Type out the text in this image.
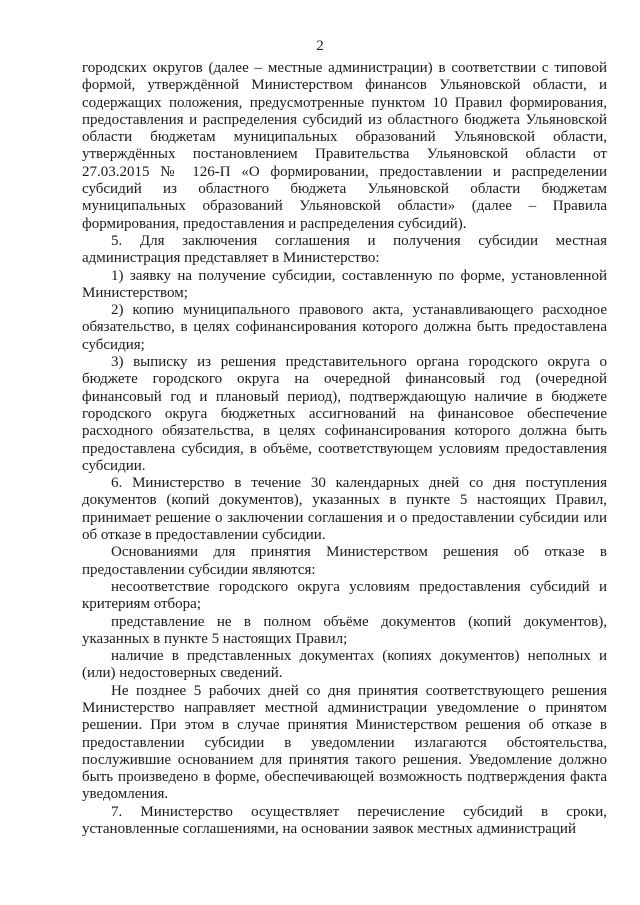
2

городских округов (далее – местные администрации) в соответствии с типовой формой, утверждённой Министерством финансов Ульяновской области, и содержащих положения, предусмотренные пунктом 10 Правил формирования, предоставления и распределения субсидий из областного бюджета Ульяновской области бюджетам муниципальных образований Ульяновской области, утверждённых постановлением Правительства Ульяновской области от 27.03.2015 № 126-П «О формировании, предоставлении и распределении субсидий из областного бюджета Ульяновской области бюджетам муниципальных образований Ульяновской области» (далее – Правила формирования, предоставления и распределения субсидий).

5. Для заключения соглашения и получения субсидии местная администрация представляет в Министерство:

1) заявку на получение субсидии, составленную по форме, установленной Министерством;

2) копию муниципального правового акта, устанавливающего расходное обязательство, в целях софинансирования которого должна быть предоставлена субсидия;

3) выписку из решения представительного органа городского округа о бюджете городского округа на очередной финансовый год (очередной финансовый год и плановый период), подтверждающую наличие в бюджете городского округа бюджетных ассигнований на финансовое обеспечение расходного обязательства, в целях софинансирования которого должна быть предоставлена субсидия, в объёме, соответствующем условиям предоставления субсидии.

6. Министерство в течение 30 календарных дней со дня поступления документов (копий документов), указанных в пункте 5 настоящих Правил, принимает решение о заключении соглашения и о предоставлении субсидии или об отказе в предоставлении субсидии.

Основаниями для принятия Министерством решения об отказе в предоставлении субсидии являются:

несоответствие городского округа условиям предоставления субсидий и критериям отбора;

представление не в полном объёме документов (копий документов), указанных в пункте 5 настоящих Правил;

наличие в представленных документах (копиях документов) неполных и (или) недостоверных сведений.

Не позднее 5 рабочих дней со дня принятия соответствующего решения Министерство направляет местной администрации уведомление о принятом решении. При этом в случае принятия Министерством решения об отказе в предоставлении субсидии в уведомлении излагаются обстоятельства, послужившие основанием для принятия такого решения. Уведомление должно быть произведено в форме, обеспечивающей возможность подтверждения факта уведомления.

7. Министерство осуществляет перечисление субсидий в сроки, установленные соглашениями, на основании заявок местных администраций
